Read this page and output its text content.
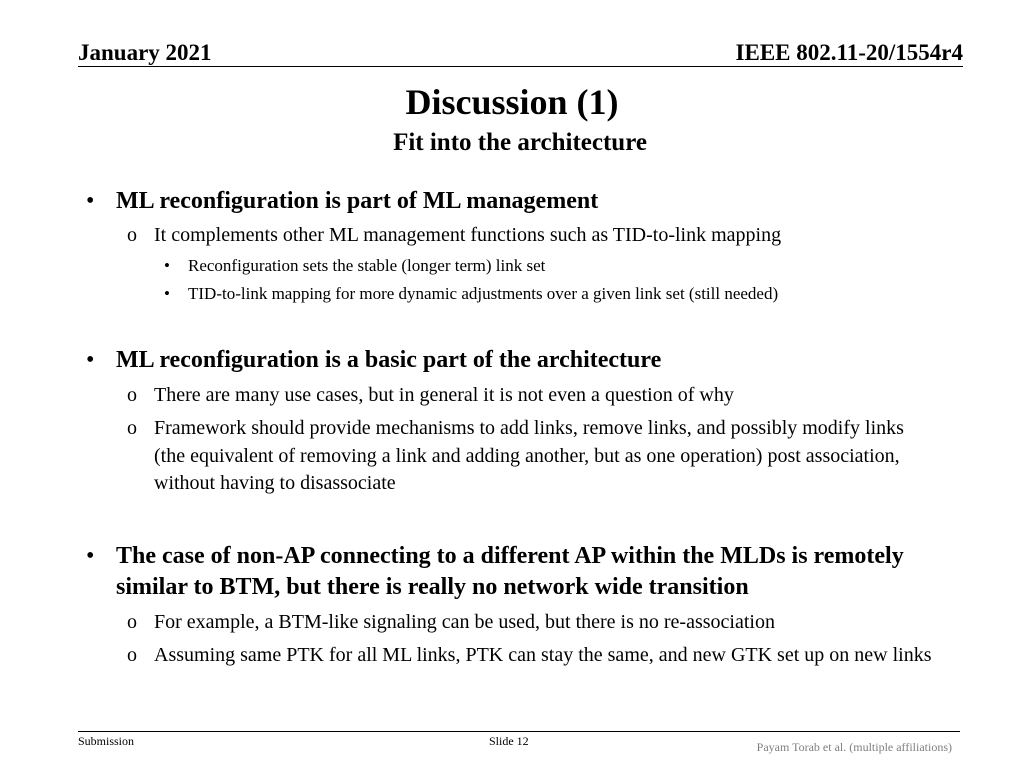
January 2021	IEEE 802.11-20/1554r4
Discussion (1)
Fit into the architecture
• ML reconfiguration is part of ML management
o It complements other ML management functions such as TID-to-link mapping
• Reconfiguration sets the stable (longer term) link set
• TID-to-link mapping for more dynamic adjustments over a given link set (still needed)
• ML reconfiguration is a basic part of the architecture
o There are many use cases, but in general it is not even a question of why
o Framework should provide mechanisms to add links, remove links, and possibly modify links (the equivalent of removing a link and adding another, but as one operation) post association, without having to disassociate
• The case of non-AP connecting to a different AP within the MLDs is remotely similar to BTM, but there is really no network wide transition
o For example, a BTM-like signaling can be used, but there is no re-association
o Assuming same PTK for all ML links, PTK can stay the same, and new GTK set up on new links
Submission	Slide 12	Payam Torab et al. (multiple affiliations)
